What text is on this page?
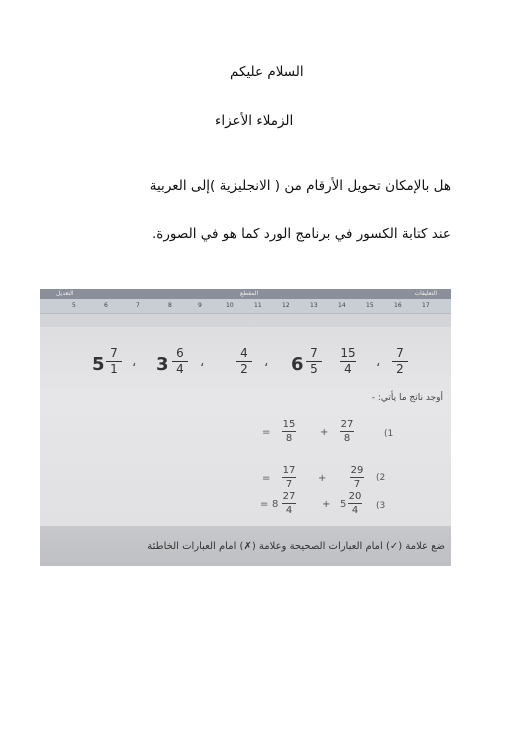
السلام عليكم
الزملاء الأعزاء
هل بالإمكان تحويل الأرقام من ( الانجليزية )إلى العربية
عند كتابة الكسور في برنامج الورد كما هو في الصورة.
التعليقات
المقطع
التعديل
5	6	7	8	9	10	11	12	13	14	15	16	17
5
7
1 ، 3
6
4 ،
4
2 ، 6
7
5
15
4 ،
7
2
أوجد ناتج ما يأتي: -
(1
27
8
+
15
8
=
(2
29
7
+
17
7
=
(3
5
20
4
+
8
27
4
=
ضع علامة (✓) امام العبارات الصحيحة وعلامة (✗) امام العبارات الخاطئة
